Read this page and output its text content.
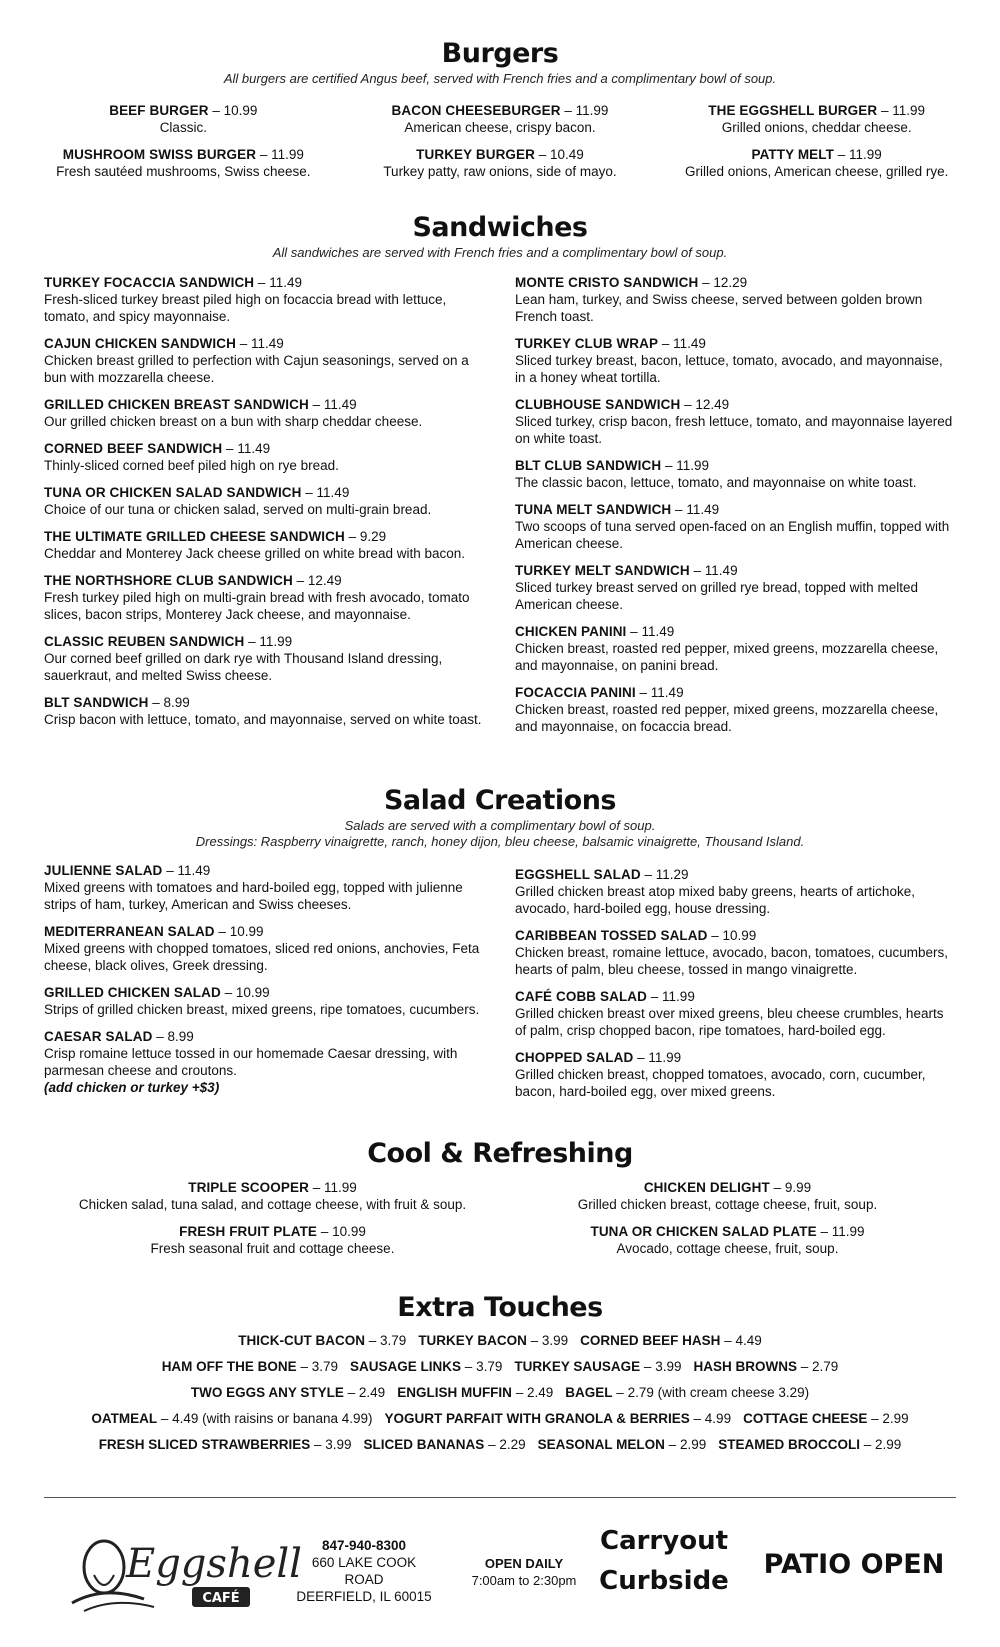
Burgers

All burgers are certified Angus beef, served with French fries and a complimentary bowl of soup.

BEEF BURGER – 10.99
Classic.
BACON CHEESEBURGER – 11.99
American cheese, crispy bacon.
THE EGGSHELL BURGER – 11.99
Grilled onions, cheddar cheese.
MUSHROOM SWISS BURGER – 11.99
Fresh sautéed mushrooms, Swiss cheese.
TURKEY BURGER – 10.49
Turkey patty, raw onions, side of mayo.
PATTY MELT – 11.99
Grilled onions, American cheese, grilled rye.
Sandwiches

All sandwiches are served with French fries and a complimentary bowl of soup.

TURKEY FOCACCIA SANDWICH – 11.49
Fresh-sliced turkey breast piled high on focaccia bread with lettuce, tomato, and spicy mayonnaise.
CAJUN CHICKEN SANDWICH – 11.49
Chicken breast grilled to perfection with Cajun seasonings, served on a bun with mozzarella cheese.
GRILLED CHICKEN BREAST SANDWICH – 11.49
Our grilled chicken breast on a bun with sharp cheddar cheese.
CORNED BEEF SANDWICH – 11.49
Thinly-sliced corned beef piled high on rye bread.
TUNA OR CHICKEN SALAD SANDWICH – 11.49
Choice of our tuna or chicken salad, served on multi-grain bread.
THE ULTIMATE GRILLED CHEESE SANDWICH – 9.29
Cheddar and Monterey Jack cheese grilled on white bread with bacon.
THE NORTHSHORE CLUB SANDWICH – 12.49
Fresh turkey piled high on multi-grain bread with fresh avocado, tomato slices, bacon strips, Monterey Jack cheese, and mayonnaise.
CLASSIC REUBEN SANDWICH – 11.99
Our corned beef grilled on dark rye with Thousand Island dressing, sauerkraut, and melted Swiss cheese.
BLT SANDWICH – 8.99
Crisp bacon with lettuce, tomato, and mayonnaise, served on white toast.
MONTE CRISTO SANDWICH – 12.29
Lean ham, turkey, and Swiss cheese, served between golden brown French toast.
TURKEY CLUB WRAP – 11.49
Sliced turkey breast, bacon, lettuce, tomato, avocado, and mayonnaise, in a honey wheat tortilla.
CLUBHOUSE SANDWICH – 12.49
Sliced turkey, crisp bacon, fresh lettuce, tomato, and mayonnaise layered on white toast.
BLT CLUB SANDWICH – 11.99
The classic bacon, lettuce, tomato, and mayonnaise on white toast.
TUNA MELT SANDWICH – 11.49
Two scoops of tuna served open-faced on an English muffin, topped with American cheese.
TURKEY MELT SANDWICH – 11.49
Sliced turkey breast served on grilled rye bread, topped with melted American cheese.
CHICKEN PANINI – 11.49
Chicken breast, roasted red pepper, mixed greens, mozzarella cheese, and mayonnaise, on panini bread.
FOCACCIA PANINI – 11.49
Chicken breast, roasted red pepper, mixed greens, mozzarella cheese, and mayonnaise, on focaccia bread.
Salad Creations

Salads are served with a complimentary bowl of soup.

Dressings: Raspberry vinaigrette, ranch, honey dijon, bleu cheese, balsamic vinaigrette, Thousand Island.

JULIENNE SALAD – 11.49
Mixed greens with tomatoes and hard-boiled egg, topped with julienne strips of ham, turkey, American and Swiss cheeses.
MEDITERRANEAN SALAD – 10.99
Mixed greens with chopped tomatoes, sliced red onions, anchovies, Feta cheese, black olives, Greek dressing.
GRILLED CHICKEN SALAD – 10.99
Strips of grilled chicken breast, mixed greens, ripe tomatoes, cucumbers.
CAESAR SALAD – 8.99
Crisp romaine lettuce tossed in our homemade Caesar dressing, with parmesan cheese and croutons.
(add chicken or turkey +$3)
EGGSHELL SALAD – 11.29
Grilled chicken breast atop mixed baby greens, hearts of artichoke, avocado, hard-boiled egg, house dressing.
CARIBBEAN TOSSED SALAD – 10.99
Chicken breast, romaine lettuce, avocado, bacon, tomatoes, cucumbers, hearts of palm, bleu cheese, tossed in mango vinaigrette.
CAFÉ COBB SALAD – 11.99
Grilled chicken breast over mixed greens, bleu cheese crumbles, hearts of palm, crisp chopped bacon, ripe tomatoes, hard-boiled egg.
CHOPPED SALAD – 11.99
Grilled chicken breast, chopped tomatoes, avocado, corn, cucumber, bacon, hard-boiled egg, over mixed greens.
Cool & Refreshing
TRIPLE SCOOPER – 11.99
Chicken salad, tuna salad, and cottage cheese, with fruit & soup.
FRESH FRUIT PLATE – 10.99
Fresh seasonal fruit and cottage cheese.
CHICKEN DELIGHT – 9.99
Grilled chicken breast, cottage cheese, fruit, soup.
TUNA OR CHICKEN SALAD PLATE – 11.99
Avocado, cottage cheese, fruit, soup.
Extra Touches
THICK-CUT BACON – 3.79 TURKEY BACON – 3.99 CORNED BEEF HASH – 4.49
HAM OFF THE BONE – 3.79 SAUSAGE LINKS – 3.79 TURKEY SAUSAGE – 3.99 HASH BROWNS – 2.79
TWO EGGS ANY STYLE – 2.49 ENGLISH MUFFIN – 2.49 BAGEL – 2.79 (with cream cheese 3.29)
OATMEAL – 4.49 (with raisins or banana 4.99) YOGURT PARFAIT WITH GRANOLA & BERRIES – 4.99 COTTAGE CHEESE – 2.99
FRESH SLICED STRAWBERRIES – 3.99 SLICED BANANAS – 2.29 SEASONAL MELON – 2.99 STEAMED BROCCOLI – 2.99
Eggshell
CAFÉ
847-940-8300
660 LAKE COOK ROAD
DEERFIELD, IL 60015
OPEN DAILY
7:00am to 2:30pm
Carryout
Curbside
PATIO OPEN
